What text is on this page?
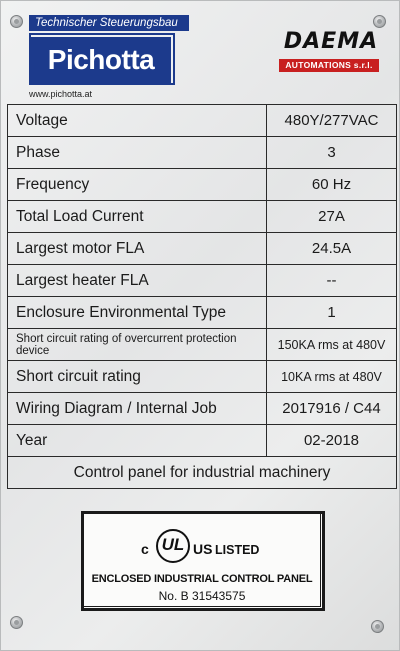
Technischer Steuerungsbau
Pichotta
www.pichotta.at
DAEMA
AUTOMATIONS s.r.l.
Voltage	480Y/277VAC
Phase	3
Frequency	60 Hz
Total Load Current	27A
Largest motor FLA	24.5A
Largest heater FLA	--
Enclosure Environmental Type	1
Short circuit rating of overcurrent protection device	150KA rms at 480V
Short circuit rating	10KA rms at 480V
Wiring Diagram / Internal Job	2017916 / C44
Year	02-2018
Control panel for industrial machinery	
c UL US LISTED
ENCLOSED INDUSTRIAL CONTROL PANEL
No. B 31543575
